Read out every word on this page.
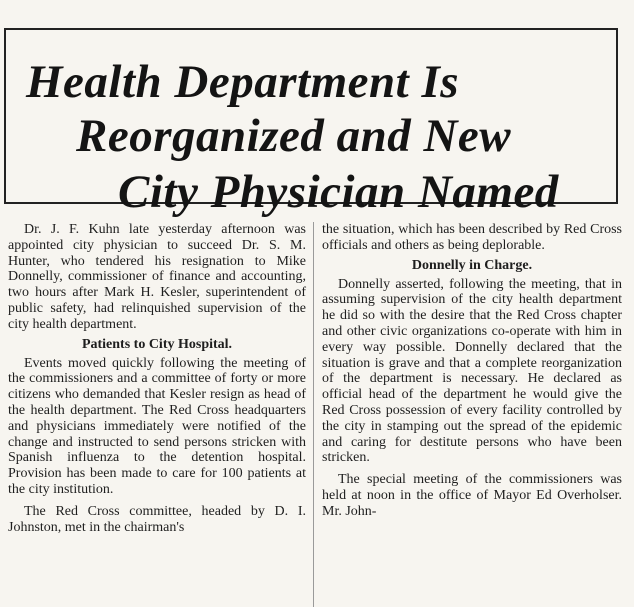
Health Department Is
Reorganized and New
City Physician Named

Dr. J. F. Kuhn late yesterday afternoon was appointed city physician to succeed Dr. S. M. Hunter, who tendered his resignation to Mike Donnelly, commissioner of finance and accounting, two hours after Mark H. Kesler, superintendent of public safety, had relinquished supervision of the city health department.

Patients to City Hospital.

Events moved quickly following the meeting of the commissioners and a committee of forty or more citizens who demanded that Kesler resign as head of the health department. The Red Cross headquarters and physicians immediately were notified of the change and instructed to send persons stricken with Spanish influenza to the detention hospital. Provision has been made to care for 100 patients at the city institution.

The Red Cross committee, headed by D. I. Johnston, met in the chairman's

the situation, which has been described by Red Cross officials and others as being deplorable.

Donnelly in Charge.

Donnelly asserted, following the meeting, that in assuming supervision of the city health department he did so with the desire that the Red Cross chapter and other civic organizations co-operate with him in every way possible. Donnelly declared that the situation is grave and that a complete reorganization of the department is necessary. He declared as official head of the department he would give the Red Cross possession of every facility controlled by the city in stamping out the spread of the epidemic and caring for destitute persons who have been stricken.

The special meeting of the commissioners was held at noon in the office of Mayor Ed Overholser. Mr. John-
